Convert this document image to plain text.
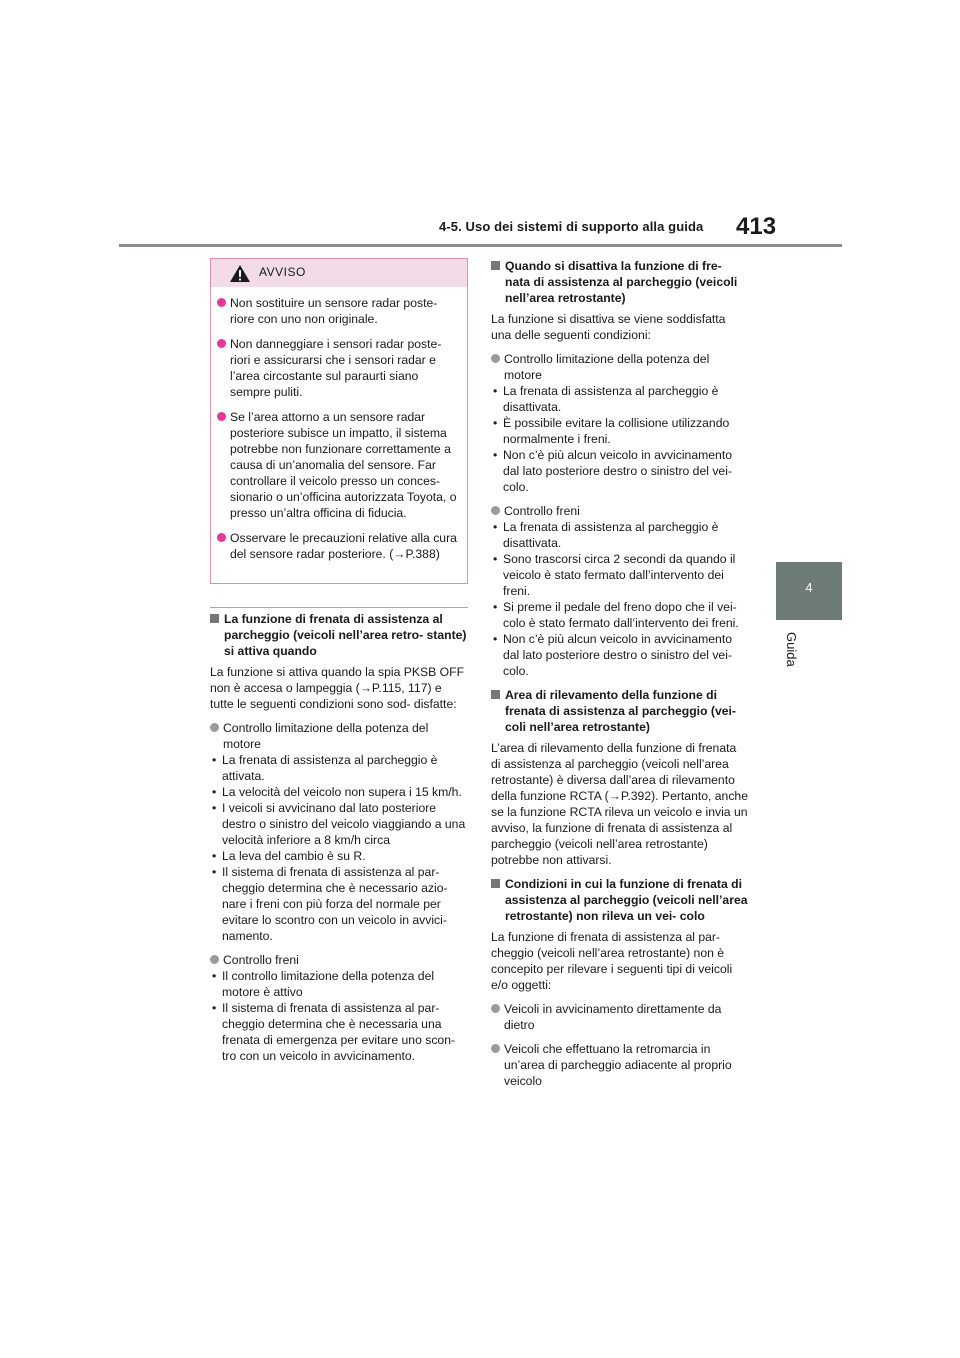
4-5. Uso dei sistemi di supporto alla guida 413
4
Guida
AVVISO
Non sostituire un sensore radar poste- riore con uno non originale.
Non danneggiare i sensori radar poste- riori e assicurarsi che i sensori radar e l’area circostante sul paraurti siano sempre puliti.
Se l’area attorno a un sensore radar posteriore subisce un impatto, il sistema potrebbe non funzionare correttamente a causa di un’anomalia del sensore. Far controllare il veicolo presso un conces- sionario o un’officina autorizzata Toyota, o presso un’altra officina di fiducia.
Osservare le precauzioni relative alla cura del sensore radar posteriore. (→P.388)
La funzione di frenata di assistenza al parcheggio (veicoli nell’area retro- stante) si attiva quando
La funzione si attiva quando la spia PKSB OFF non è accesa o lampeggia (→P.115, 117) e tutte le seguenti condizioni sono sod- disfatte:
Controllo limitazione della potenza del motore
• La frenata di assistenza al parcheggio è attivata.
• La velocità del veicolo non supera i 15 km/h.
• I veicoli si avvicinano dal lato posteriore destro o sinistro del veicolo viaggiando a una velocità inferiore a 8 km/h circa
• La leva del cambio è su R.
• Il sistema di frenata di assistenza al par- cheggio determina che è necessario azio- nare i freni con più forza del normale per evitare lo scontro con un veicolo in avvici- namento.
Controllo freni
• Il controllo limitazione della potenza del motore è attivo
• Il sistema di frenata di assistenza al par- cheggio determina che è necessaria una frenata di emergenza per evitare uno scon- tro con un veicolo in avvicinamento.
Quando si disattiva la funzione di fre- nata di assistenza al parcheggio (veicoli nell’area retrostante)
La funzione si disattiva se viene soddisfatta una delle seguenti condizioni:
Controllo limitazione della potenza del motore
• La frenata di assistenza al parcheggio è disattivata.
• È possibile evitare la collisione utilizzando normalmente i freni.
• Non c’è più alcun veicolo in avvicinamento dal lato posteriore destro o sinistro del vei- colo.
Controllo freni
• La frenata di assistenza al parcheggio è disattivata.
• Sono trascorsi circa 2 secondi da quando il veicolo è stato fermato dall’intervento dei freni.
• Si preme il pedale del freno dopo che il vei- colo è stato fermato dall’intervento dei freni.
• Non c’è più alcun veicolo in avvicinamento dal lato posteriore destro o sinistro del vei- colo.
Area di rilevamento della funzione di frenata di assistenza al parcheggio (vei- coli nell’area retrostante)
L’area di rilevamento della funzione di frenata di assistenza al parcheggio (veicoli nell’area retrostante) è diversa dall’area di rilevamento della funzione RCTA (→P.392). Pertanto, anche se la funzione RCTA rileva un veicolo e invia un avviso, la funzione di frenata di assistenza al parcheggio (veicoli nell’area retrostante) potrebbe non attivarsi.
Condizioni in cui la funzione di frenata di assistenza al parcheggio (veicoli nell’area retrostante) non rileva un vei- colo
La funzione di frenata di assistenza al par- cheggio (veicoli nell’area retrostante) non è concepito per rilevare i seguenti tipi di veicoli e/o oggetti:
Veicoli in avvicinamento direttamente da dietro
Veicoli che effettuano la retromarcia in un’area di parcheggio adiacente al proprio veicolo
